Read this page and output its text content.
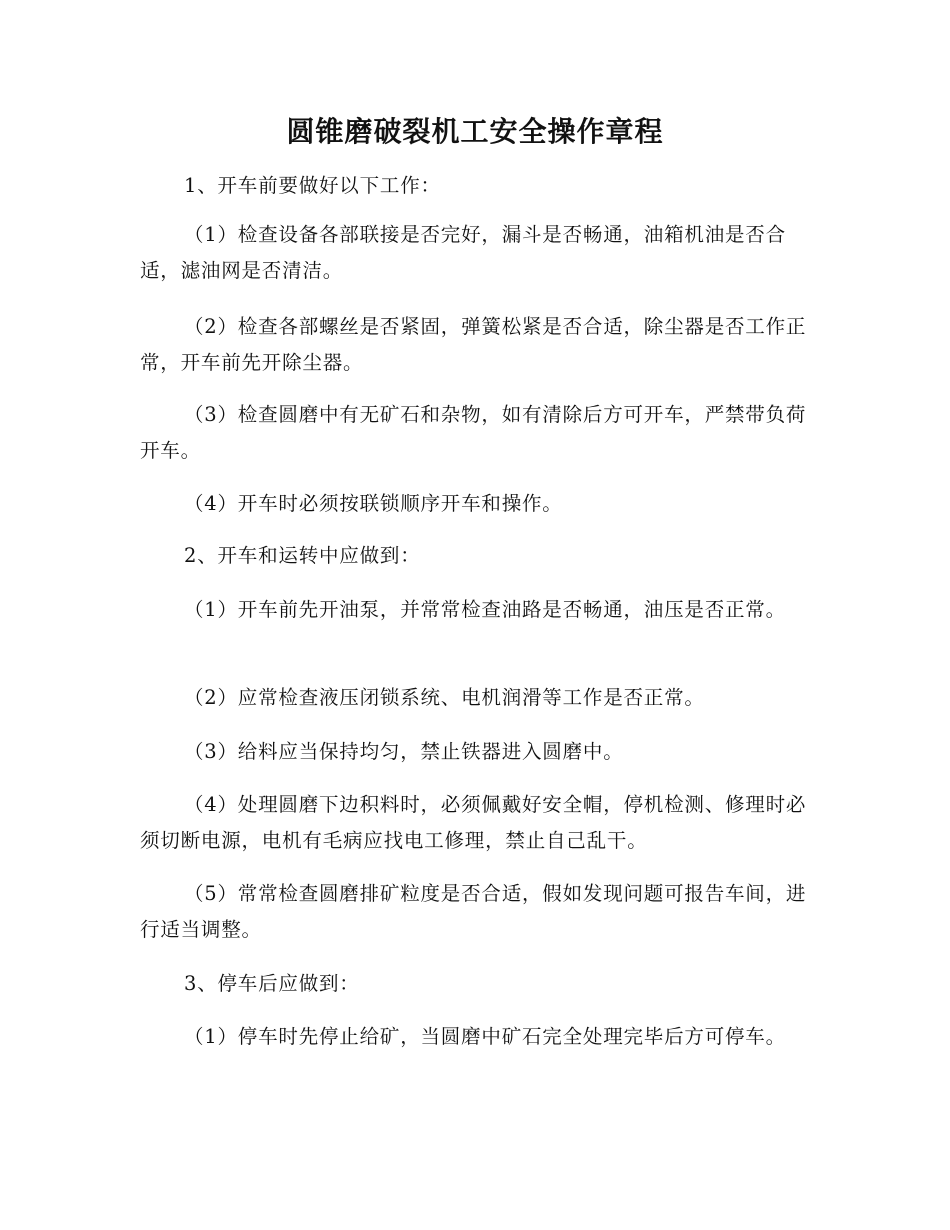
圆锥磨破裂机工安全操作章程

1、开车前要做好以下工作：

（1）检查设备各部联接是否完好，漏斗是否畅通，油箱机油是否合适，滤油网是否清洁。

（2）检查各部螺丝是否紧固，弹簧松紧是否合适，除尘器是否工作正常，开车前先开除尘器。

（3）检查圆磨中有无矿石和杂物，如有清除后方可开车，严禁带负荷开车。

（4）开车时必须按联锁顺序开车和操作。

2、开车和运转中应做到：

（1）开车前先开油泵，并常常检查油路是否畅通，油压是否正常。

（2）应常检查液压闭锁系统、电机润滑等工作是否正常。

（3）给料应当保持均匀，禁止铁器进入圆磨中。

（4）处理圆磨下边积料时，必须佩戴好安全帽，停机检测、修理时必须切断电源，电机有毛病应找电工修理，禁止自己乱干。

（5）常常检查圆磨排矿粒度是否合适，假如发现问题可报告车间，进行适当调整。

3、停车后应做到：

（1）停车时先停止给矿，当圆磨中矿石完全处理完毕后方可停车。
